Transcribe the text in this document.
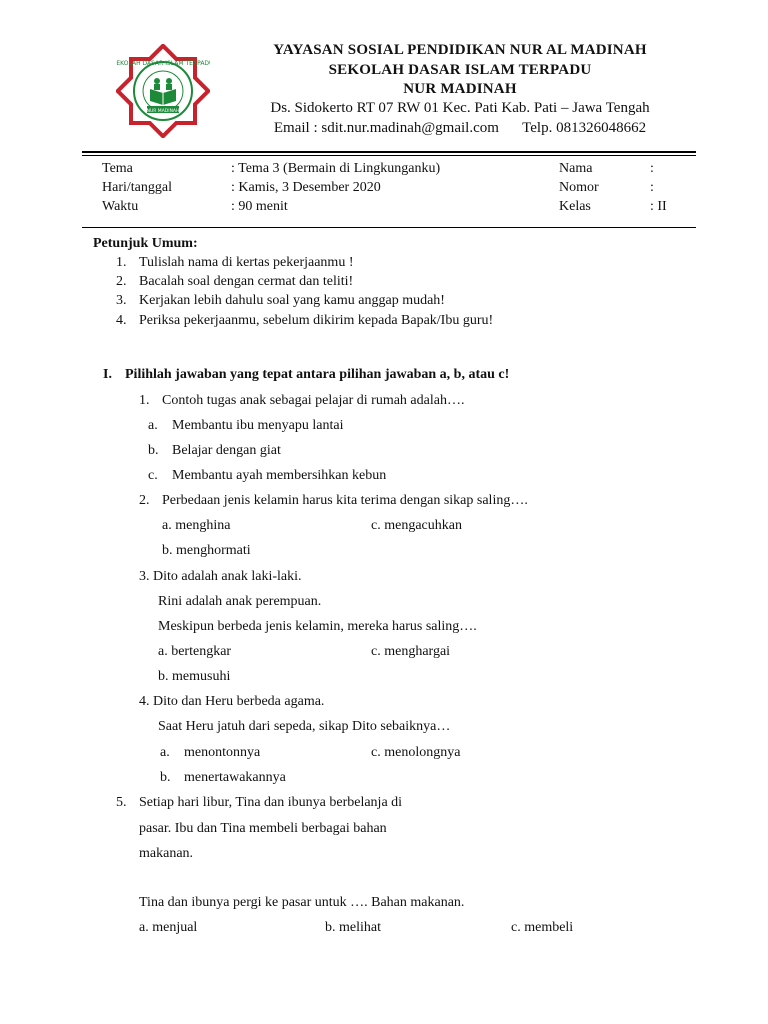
SEKOLAH DASAR ISLAM TERPADU
NUR MADINAH
YAYASAN SOSIAL PENDIDIKAN NUR AL MADINAH
SEKOLAH DASAR ISLAM TERPADU
NUR MADINAH
Ds. Sidokerto RT 07 RW 01 Kec. Pati Kab. Pati – Jawa Tengah
Email : sdit.nur.madinah@gmail.com Telp. 081326048662
Tema	: Tema 3 (Bermain di Lingkunganku)	Nama	:
Hari/tanggal	: Kamis, 3 Desember 2020	Nomor	:
Waktu	: 90 menit	Kelas	: II
Petunjuk Umum:
1. Tulislah nama di kertas pekerjaanmu !
2. Bacalah soal dengan cermat dan teliti!
3. Kerjakan lebih dahulu soal yang kamu anggap mudah!
4. Periksa pekerjaanmu, sebelum dikirim kepada Bapak/Ibu guru!
I. Pilihlah jawaban yang tepat antara pilihan jawaban a, b, atau c!
1. Contoh tugas anak sebagai pelajar di rumah adalah….
a. Membantu ibu menyapu lantai
b. Belajar dengan giat
c. Membantu ayah membersihkan kebun
2. Perbedaan jenis kelamin harus kita terima dengan sikap saling….
a. menghina	c. mengacuhkan
b. menghormati
3. Dito adalah anak laki-laki.
Rini adalah anak perempuan.
Meskipun berbeda jenis kelamin, mereka harus saling….
a. bertengkar	c. menghargai
b. memusuhi
4. Dito dan Heru berbeda agama.
Saat Heru jatuh dari sepeda, sikap Dito sebaiknya…
a. menontonnya	c. menolongnya
b. menertawakannya
5. Setiap hari libur, Tina dan ibunya berbelanja di
pasar. Ibu dan Tina membeli berbagai bahan
makanan.
Tina dan ibunya pergi ke pasar untuk …. Bahan makanan.
a. menjual	b. melihat	c. membeli
